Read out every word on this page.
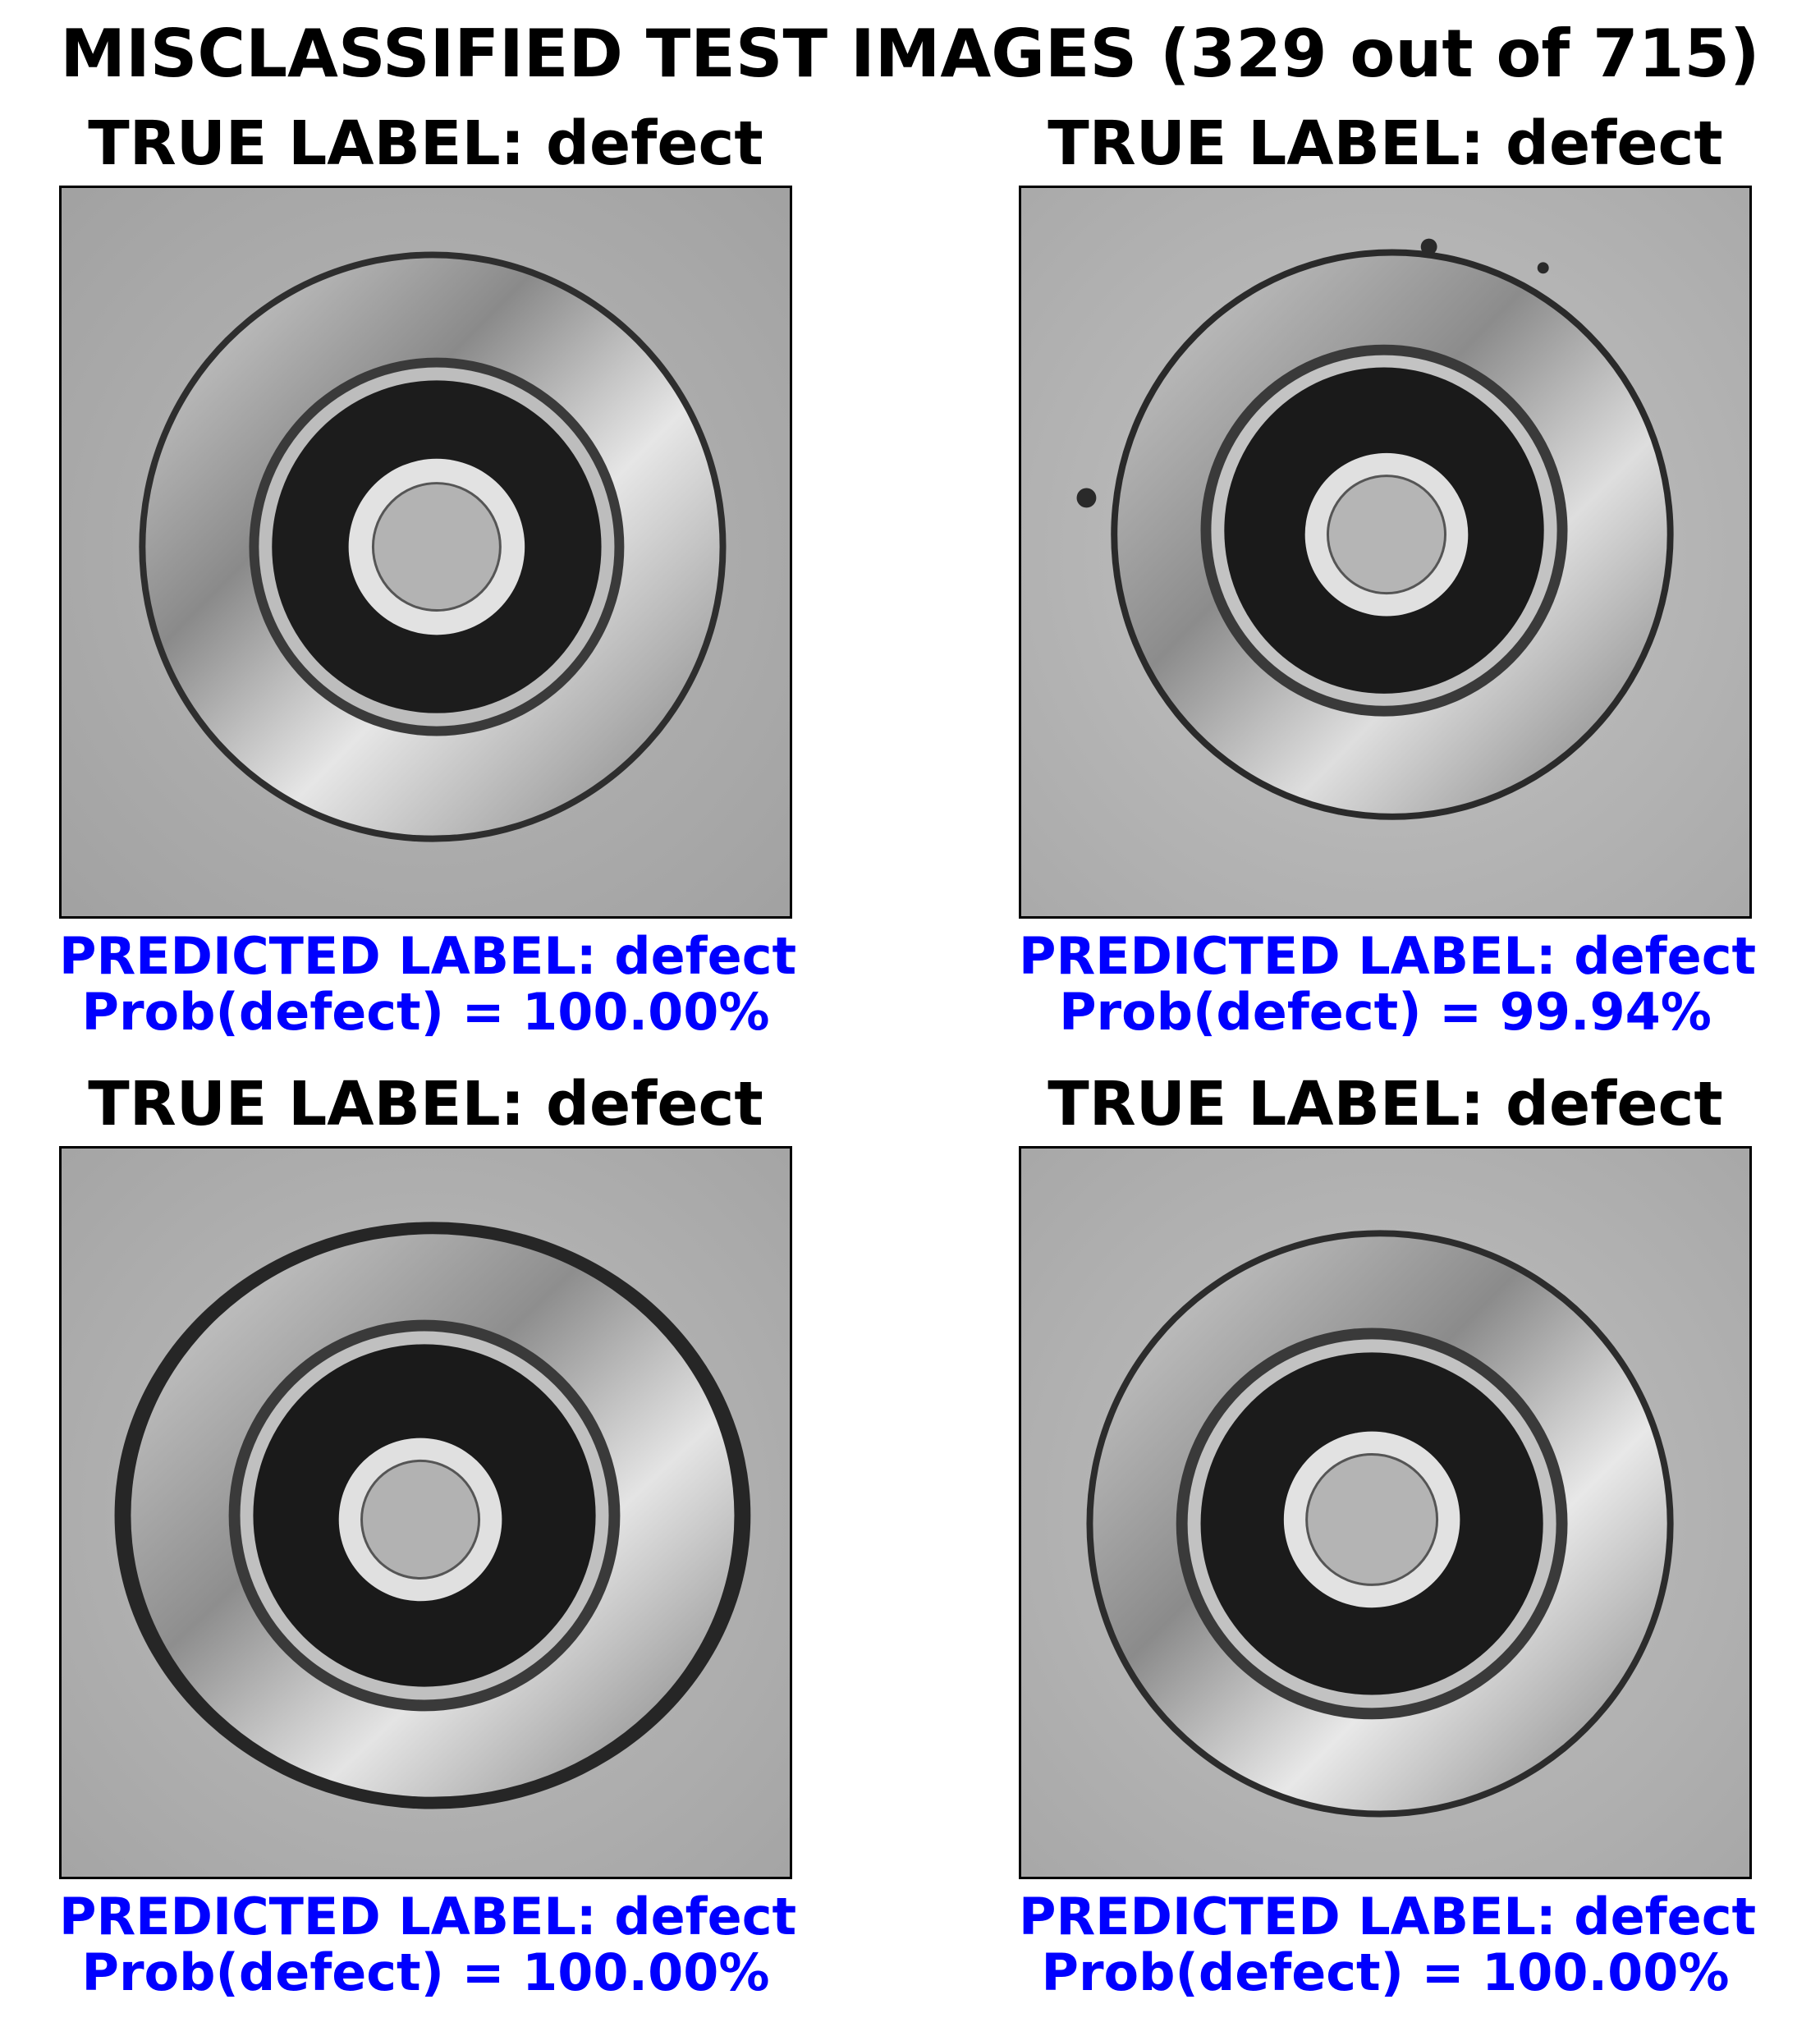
MISCLASSIFIED TEST IMAGES (329 out of 715)
TRUE LABEL: defect
PREDICTED LABEL: defect
Prob(defect) = 100.00%
TRUE LABEL: defect
PREDICTED LABEL: defect
Prob(defect) = 99.94%
TRUE LABEL: defect
PREDICTED LABEL: defect
Prob(defect) = 100.00%
TRUE LABEL: defect
PREDICTED LABEL: defect
Prob(defect) = 100.00%
